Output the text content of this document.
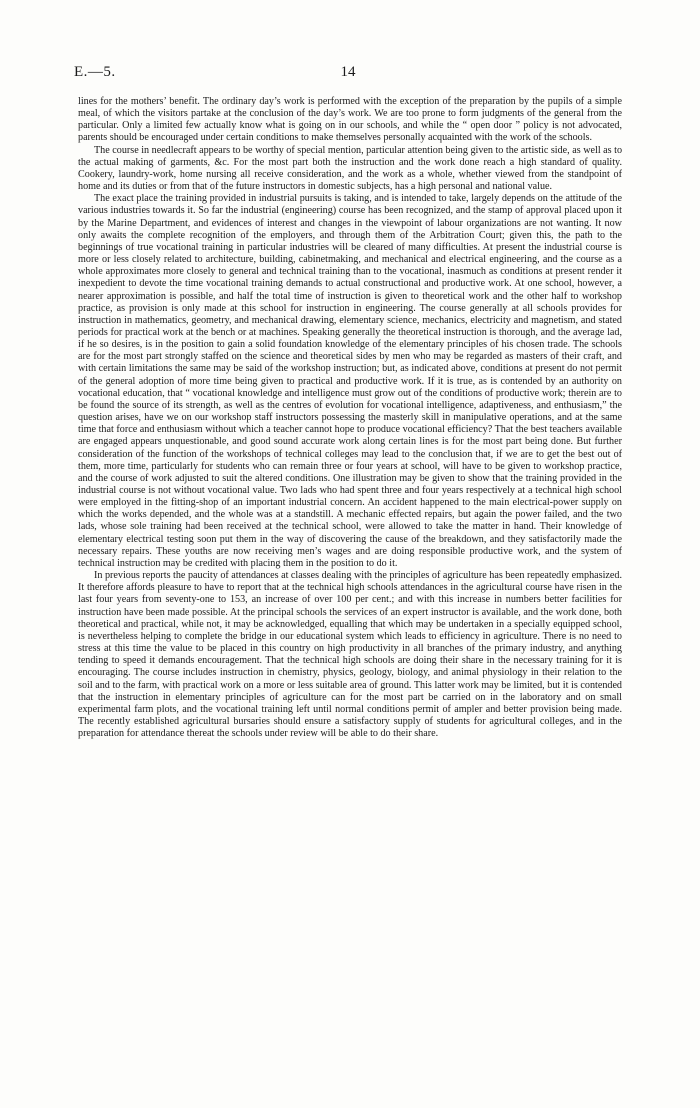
E.—5.	14

lines for the mothers’ benefit. The ordinary day’s work is performed with the exception of the preparation by the pupils of a simple meal, of which the visitors partake at the conclusion of the day’s work. We are too prone to form judgments of the general from the particular. Only a limited few actually know what is going on in our schools, and while the “ open door ” policy is not advocated, parents should be encouraged under certain conditions to make themselves personally acquainted with the work of the schools.

The course in needlecraft appears to be worthy of special mention, particular attention being given to the artistic side, as well as to the actual making of garments, &c. For the most part both the instruction and the work done reach a high standard of quality. Cookery, laundry-work, home nursing all receive consideration, and the work as a whole, whether viewed from the standpoint of home and its duties or from that of the future instructors in domestic subjects, has a high personal and national value.

The exact place the training provided in industrial pursuits is taking, and is intended to take, largely depends on the attitude of the various industries towards it. So far the industrial (engineering) course has been recognized, and the stamp of approval placed upon it by the Marine Department, and evidences of interest and changes in the viewpoint of labour organizations are not wanting. It now only awaits the complete recognition of the employers, and through them of the Arbitration Court; given this, the path to the beginnings of true vocational training in particular industries will be cleared of many difficulties. At present the industrial course is more or less closely related to architecture, building, cabinetmaking, and mechanical and electrical engineering, and the course as a whole approximates more closely to general and technical training than to the vocational, inasmuch as conditions at present render it inexpedient to devote the time vocational training demands to actual constructional and productive work. At one school, however, a nearer approximation is possible, and half the total time of instruction is given to theoretical work and the other half to workshop practice, as provision is only made at this school for instruction in engineering. The course generally at all schools provides for instruction in mathematics, geometry, and mechanical drawing, elementary science, mechanics, electricity and magnetism, and stated periods for practical work at the bench or at machines. Speaking generally the theoretical instruction is thorough, and the average lad, if he so desires, is in the position to gain a solid foundation knowledge of the elementary principles of his chosen trade. The schools are for the most part strongly staffed on the science and theoretical sides by men who may be regarded as masters of their craft, and with certain limitations the same may be said of the workshop instruction; but, as indicated above, conditions at present do not permit of the general adoption of more time being given to practical and productive work. If it is true, as is contended by an authority on vocational education, that “ vocational knowledge and intelligence must grow out of the conditions of productive work; therein are to be found the source of its strength, as well as the centres of evolution for vocational intelligence, adaptiveness, and enthusiasm,” the question arises, have we on our workshop staff instructors possessing the masterly skill in manipulative operations, and at the same time that force and enthusiasm without which a teacher cannot hope to produce vocational efficiency? That the best teachers available are engaged appears unquestionable, and good sound accurate work along certain lines is for the most part being done. But further consideration of the function of the workshops of technical colleges may lead to the conclusion that, if we are to get the best out of them, more time, particularly for students who can remain three or four years at school, will have to be given to workshop practice, and the course of work adjusted to suit the altered conditions. One illustration may be given to show that the training provided in the industrial course is not without vocational value. Two lads who had spent three and four years respectively at a technical high school were employed in the fitting-shop of an important industrial concern. An accident happened to the main electrical-power supply on which the works depended, and the whole was at a standstill. A mechanic effected repairs, but again the power failed, and the two lads, whose sole training had been received at the technical school, were allowed to take the matter in hand. Their knowledge of elementary electrical testing soon put them in the way of discovering the cause of the breakdown, and they satisfactorily made the necessary repairs. These youths are now receiving men’s wages and are doing responsible productive work, and the system of technical instruction may be credited with placing them in the position to do it.

In previous reports the paucity of attendances at classes dealing with the principles of agriculture has been repeatedly emphasized. It therefore affords pleasure to have to report that at the technical high schools attendances in the agricultural course have risen in the last four years from seventy-one to 153, an increase of over 100 per cent.; and with this increase in numbers better facilities for instruction have been made possible. At the principal schools the services of an expert instructor is available, and the work done, both theoretical and practical, while not, it may be acknowledged, equalling that which may be undertaken in a specially equipped school, is nevertheless helping to complete the bridge in our educational system which leads to efficiency in agriculture. There is no need to stress at this time the value to be placed in this country on high productivity in all branches of the primary industry, and anything tending to speed it demands encouragement. That the technical high schools are doing their share in the necessary training for it is encouraging. The course includes instruction in chemistry, physics, geology, biology, and animal physiology in their relation to the soil and to the farm, with practical work on a more or less suitable area of ground. This latter work may be limited, but it is contended that the instruction in elementary principles of agriculture can for the most part be carried on in the laboratory and on small experimental farm plots, and the vocational training left until normal conditions permit of ampler and better provision being made. The recently established agricultural bursaries should ensure a satisfactory supply of students for agricultural colleges, and in the preparation for attendance thereat the schools under review will be able to do their share.
